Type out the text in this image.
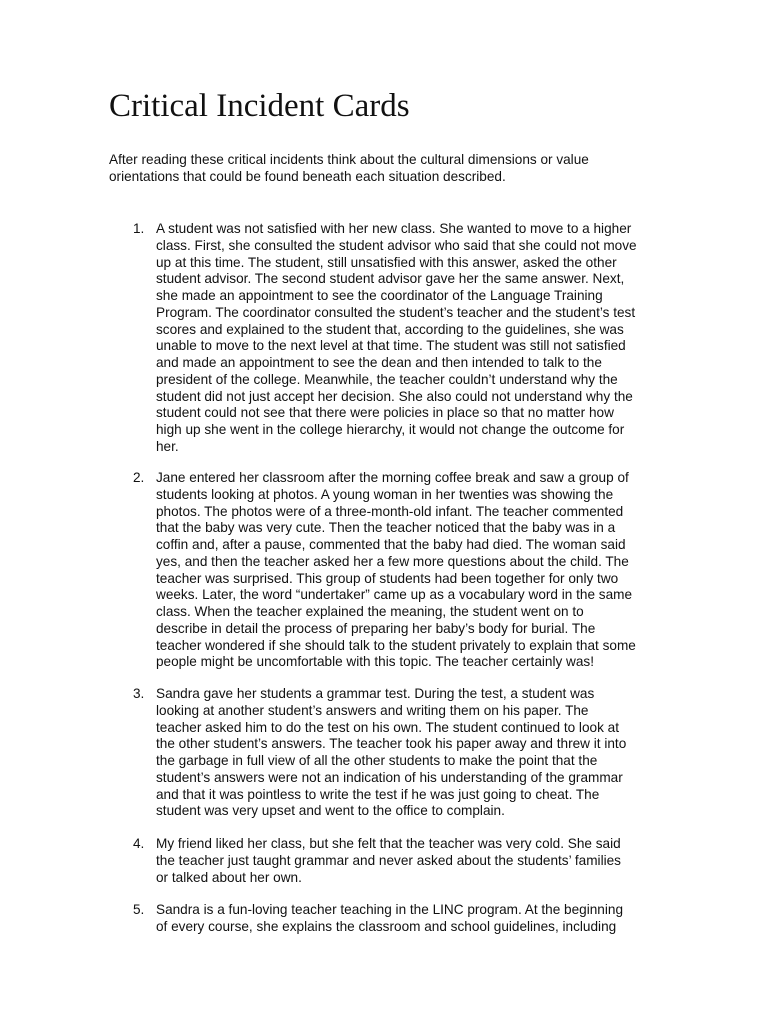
Critical Incident Cards

After reading these critical incidents think about the cultural dimensions or value
orientations that could be found beneath each situation described.

1. A student was not satisfied with her new class. She wanted to move to a higher
class. First, she consulted the student advisor who said that she could not move
up at this time. The student, still unsatisfied with this answer, asked the other
student advisor. The second student advisor gave her the same answer. Next,
she made an appointment to see the coordinator of the Language Training
Program. The coordinator consulted the student’s teacher and the student’s test
scores and explained to the student that, according to the guidelines, she was
unable to move to the next level at that time. The student was still not satisfied
and made an appointment to see the dean and then intended to talk to the
president of the college. Meanwhile, the teacher couldn’t understand why the
student did not just accept her decision. She also could not understand why the
student could not see that there were policies in place so that no matter how
high up she went in the college hierarchy, it would not change the outcome for
her.
2. Jane entered her classroom after the morning coffee break and saw a group of
students looking at photos. A young woman in her twenties was showing the
photos. The photos were of a three-month-old infant. The teacher commented
that the baby was very cute. Then the teacher noticed that the baby was in a
coffin and, after a pause, commented that the baby had died. The woman said
yes, and then the teacher asked her a few more questions about the child. The
teacher was surprised. This group of students had been together for only two
weeks. Later, the word “undertaker” came up as a vocabulary word in the same
class. When the teacher explained the meaning, the student went on to
describe in detail the process of preparing her baby’s body for burial. The
teacher wondered if she should talk to the student privately to explain that some
people might be uncomfortable with this topic. The teacher certainly was!
3. Sandra gave her students a grammar test. During the test, a student was
looking at another student’s answers and writing them on his paper. The
teacher asked him to do the test on his own. The student continued to look at
the other student’s answers. The teacher took his paper away and threw it into
the garbage in full view of all the other students to make the point that the
student’s answers were not an indication of his understanding of the grammar
and that it was pointless to write the test if he was just going to cheat. The
student was very upset and went to the office to complain.
4. My friend liked her class, but she felt that the teacher was very cold. She said
the teacher just taught grammar and never asked about the students’ families
or talked about her own.
5. Sandra is a fun-loving teacher teaching in the LINC program. At the beginning
of every course, she explains the classroom and school guidelines, including
